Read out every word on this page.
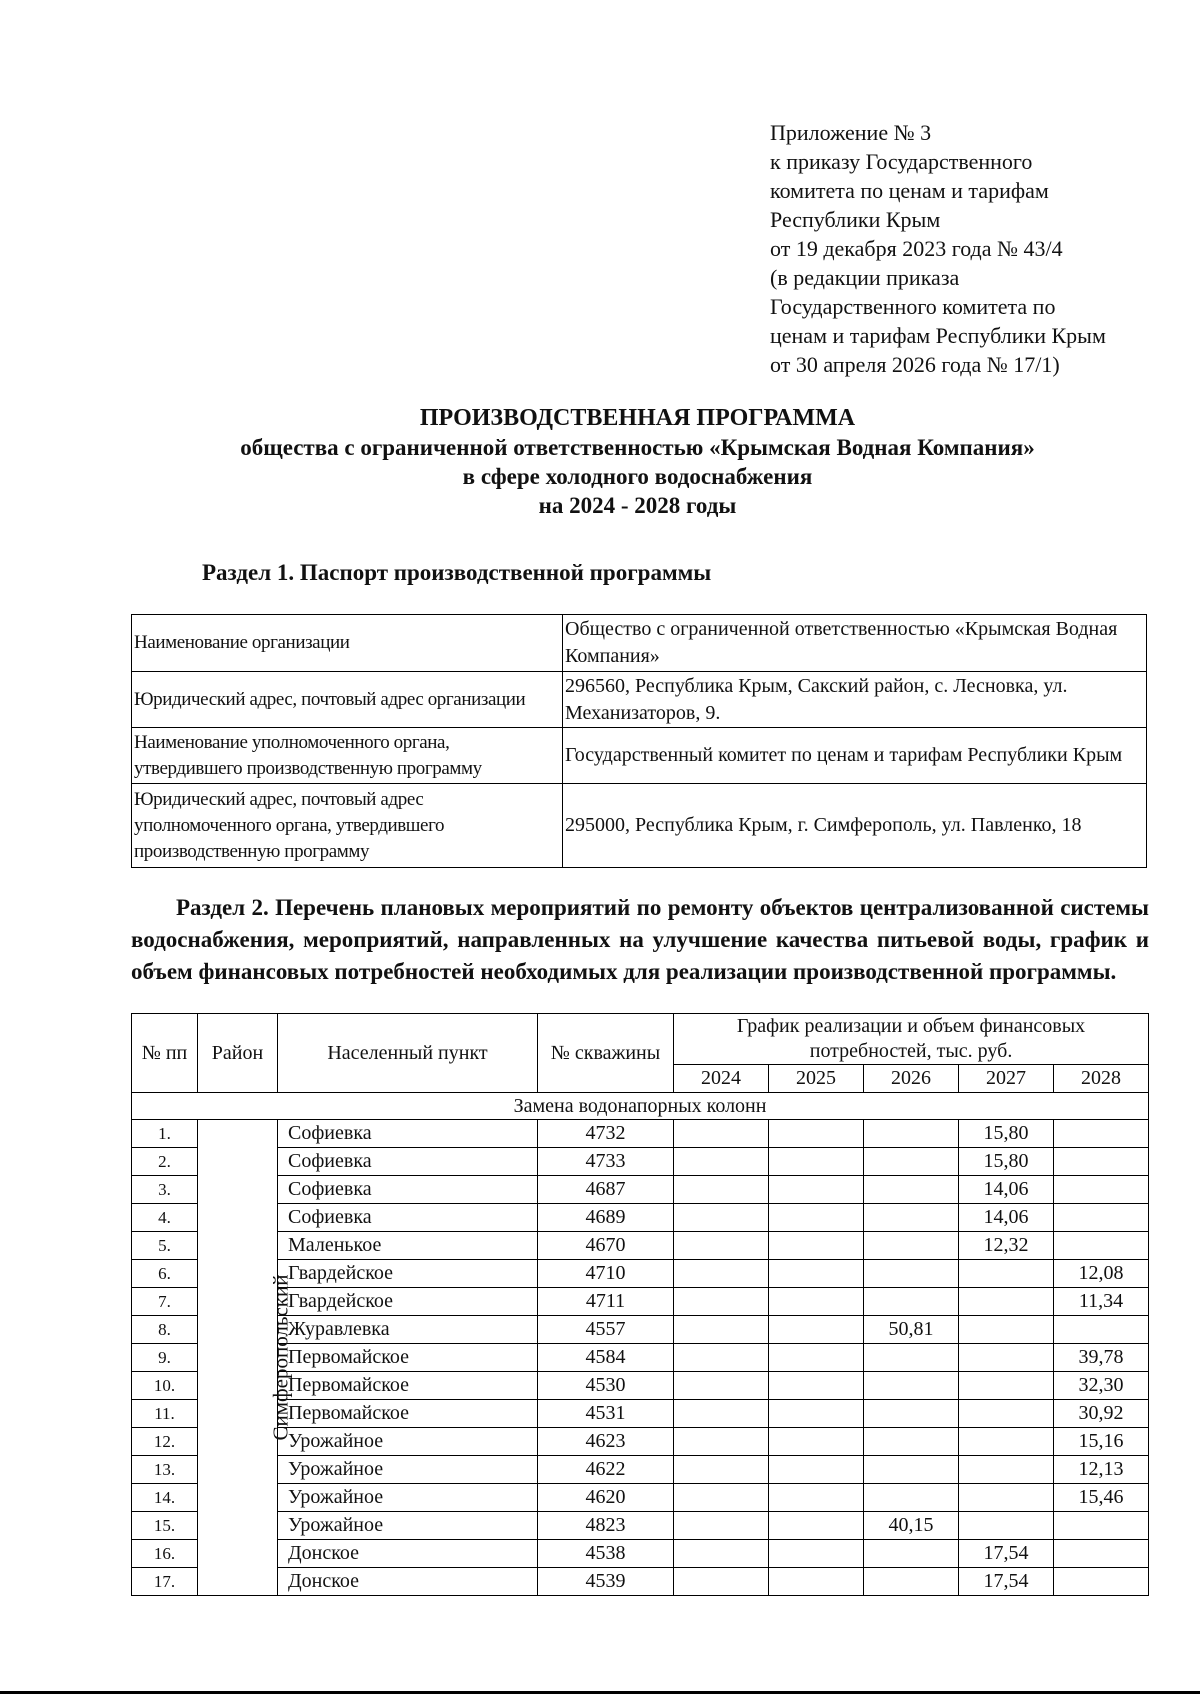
Приложение № 3
к приказу Государственного
комитета по ценам и тарифам
Республики Крым
от 19 декабря 2023 года № 43/4
(в редакции приказа
Государственного комитета по
ценам и тарифам Республики Крым
от 30 апреля 2026 года № 17/1)
ПРОИЗВОДСТВЕННАЯ ПРОГРАММА
общества с ограниченной ответственностью «Крымская Водная Компания»
в сфере холодного водоснабжения
на 2024 - 2028 годы
Раздел 1. Паспорт производственной программы
Наименование организации	Общество с ограниченной ответственностью «Крымская Водная Компания»
Юридический адрес, почтовый адрес организации	296560, Республика Крым, Сакский район, с. Лесновка, ул. Механизаторов, 9.
Наименование уполномоченного органа, утвердившего производственную программу	Государственный комитет по ценам и тарифам Республики Крым
Юридический адрес, почтовый адрес уполномоченного органа, утвердившего производственную программу	295000, Республика Крым, г. Симферополь, ул. Павленко, 18
Раздел 2. Перечень плановых мероприятий по ремонту объектов централизованной системы водоснабжения, мероприятий, направленных на улучшение качества питьевой воды, график и объем финансовых потребностей необходимых для реализации производственной программы.
№ пп	Район	Населенный пункт	№ скважины	График реализации и объем финансовых потребностей, тыс. руб.				
				2024	2025	2026	2027	2028
Замена водонапорных колонн								
1.	Симферопольский	Софиевка	4732				15,80	
2.		Софиевка	4733				15,80	
3.		Софиевка	4687				14,06	
4.		Софиевка	4689				14,06	
5.		Маленькое	4670				12,32	
6.		Гвардейское	4710					12,08
7.		Гвардейское	4711					11,34
8.		Журавлевка	4557			50,81		
9.		Первомайское	4584					39,78
10.		Первомайское	4530					32,30
11.		Первомайское	4531					30,92
12.		Урожайное	4623					15,16
13.		Урожайное	4622					12,13
14.		Урожайное	4620					15,46
15.		Урожайное	4823			40,15		
16.		Донское	4538				17,54	
17.		Донское	4539				17,54	
